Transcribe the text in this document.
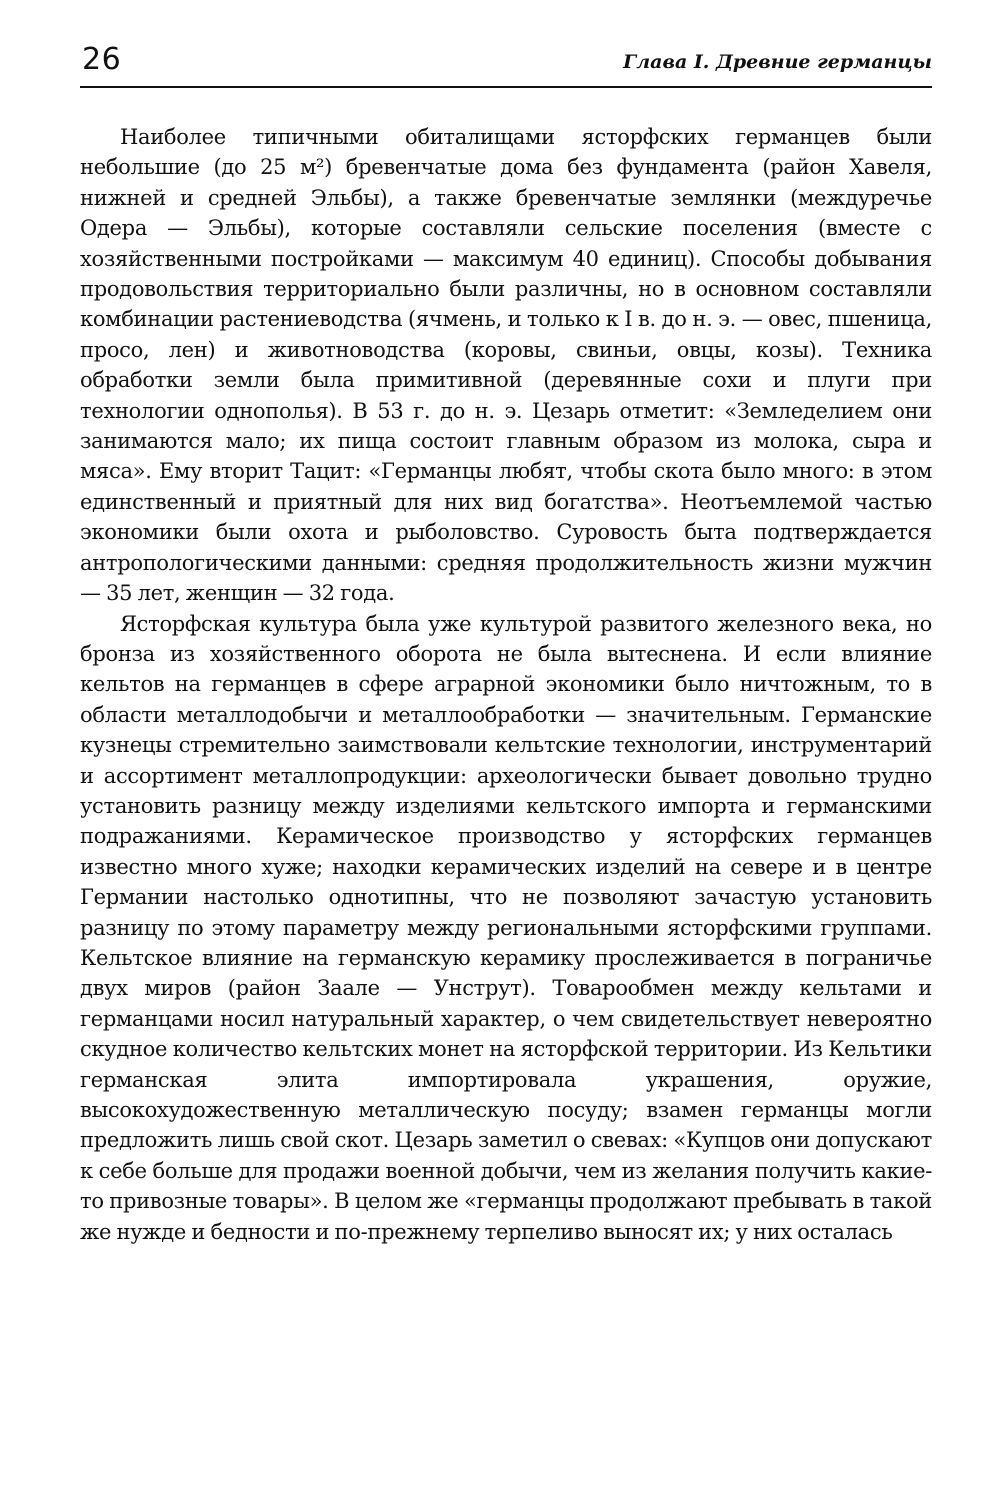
26	Глава I. Древние германцы

Наиболее типичными обиталищами ясторфских германцев были небольшие (до 25 м²) бревенчатые дома без фундамента (район Хавеля, нижней и средней Эльбы), а также бревенчатые землянки (междуречье Одера — Эльбы), которые составляли сельские поселения (вместе с хозяйственными постройками — максимум 40 единиц). Способы добывания продовольствия территориально были различны, но в основном составляли комбинации растениеводства (ячмень, и только к I в. до н. э. — овес, пшеница, просо, лен) и животноводства (коровы, свиньи, овцы, козы). Техника обработки земли была примитивной (деревянные сохи и плуги при технологии однополья). В 53 г. до н. э. Цезарь отметит: «Земледелием они занимаются мало; их пища состоит главным образом из молока, сыра и мяса». Ему вторит Тацит: «Германцы любят, чтобы скота было много: в этом единственный и приятный для них вид богатства». Неотъемлемой частью экономики были охота и рыболовство. Суровость быта подтверждается антропологическими данными: средняя продолжительность жизни мужчин — 35 лет, женщин — 32 года.

Ясторфская культура была уже культурой развитого железного века, но бронза из хозяйственного оборота не была вытеснена. И если влияние кельтов на германцев в сфере аграрной экономики было ничтожным, то в области металлодобычи и металлообработки — значительным. Германские кузнецы стремительно заимствовали кельтские технологии, инструментарий и ассортимент металлопродукции: археологически бывает довольно трудно установить разницу между изделиями кельтского импорта и германскими подражаниями. Керамическое производство у ясторфских германцев известно много хуже; находки керамических изделий на севере и в центре Германии настолько однотипны, что не позволяют зачастую установить разницу по этому параметру между региональными ясторфскими группами. Кельтское влияние на германскую керамику прослеживается в пограничье двух миров (район Заале — Унструт). Товарообмен между кельтами и германцами носил натуральный характер, о чем свидетельствует невероятно скудное количество кельтских монет на ясторфской территории. Из Кельтики германская элита импортировала украшения, оружие, высокохудожественную металлическую посуду; взамен германцы могли предложить лишь свой скот. Цезарь заметил о свевах: «Купцов они допускают к себе больше для продажи военной добычи, чем из желания получить какие-то привозные товары». В целом же «германцы продолжают пребывать в такой же нужде и бедности и по-прежнему терпеливо выносят их; у них осталась
